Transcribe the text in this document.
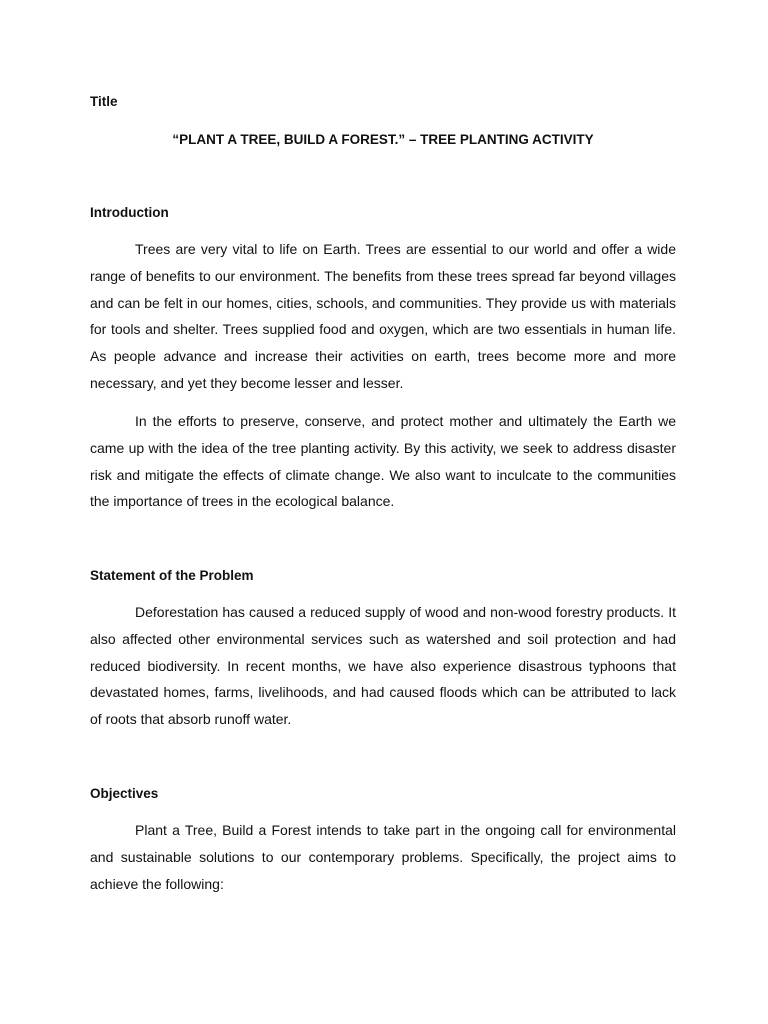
Title
“PLANT A TREE, BUILD A FOREST.” – TREE PLANTING ACTIVITY
Introduction

Trees are very vital to life on Earth. Trees are essential to our world and offer a wide range of benefits to our environment. The benefits from these trees spread far beyond villages and can be felt in our homes, cities, schools, and communities. They provide us with materials for tools and shelter. Trees supplied food and oxygen, which are two essentials in human life. As people advance and increase their activities on earth, trees become more and more necessary, and yet they become lesser and lesser.

In the efforts to preserve, conserve, and protect mother and ultimately the Earth we came up with the idea of the tree planting activity. By this activity, we seek to address disaster risk and mitigate the effects of climate change. We also want to inculcate to the communities the importance of trees in the ecological balance.

Statement of the Problem

Deforestation has caused a reduced supply of wood and non-wood forestry products. It also affected other environmental services such as watershed and soil protection and had reduced biodiversity. In recent months, we have also experience disastrous typhoons that devastated homes, farms, livelihoods, and had caused floods which can be attributed to lack of roots that absorb runoff water.

Objectives

Plant a Tree, Build a Forest intends to take part in the ongoing call for environmental and sustainable solutions to our contemporary problems. Specifically, the project aims to achieve the following:
